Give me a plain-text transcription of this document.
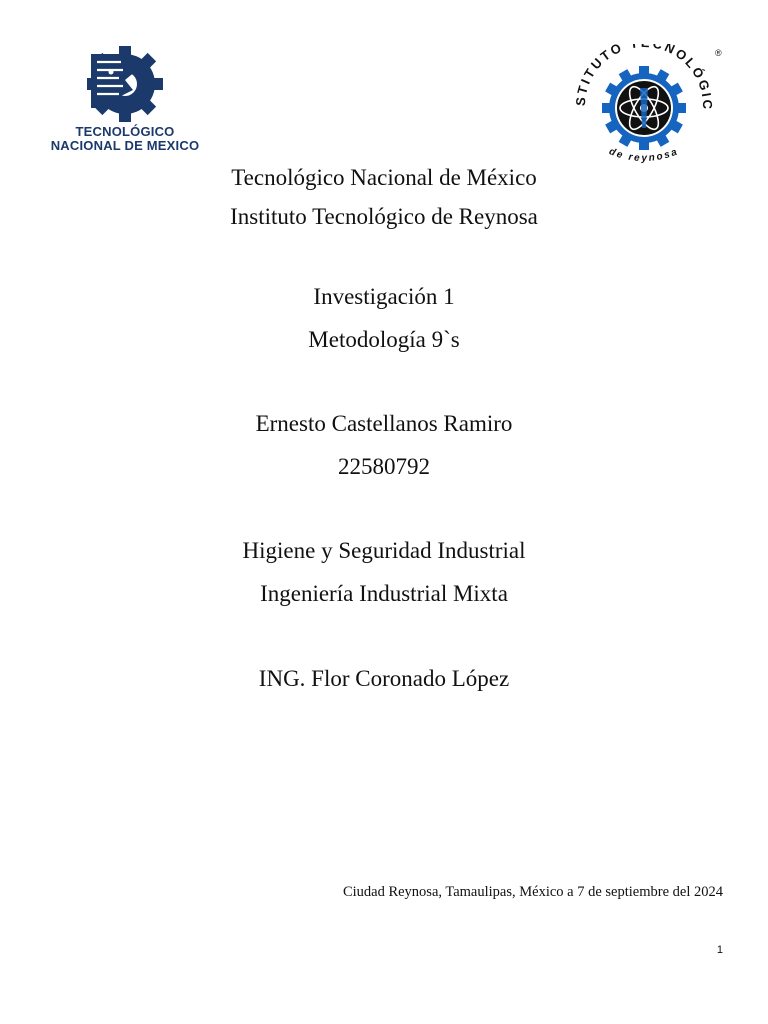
TECNOLÓGICO
NACIONAL DE MEXICO
STITUTO CNOLÓGIC
®
de reynosa
Tecnológico Nacional de México
Instituto Tecnológico de Reynosa
Investigación 1
Metodología 9`s
Ernesto Castellanos Ramiro
22580792
Higiene y Seguridad Industrial
Ingeniería Industrial Mixta
ING. Flor Coronado López
Ciudad Reynosa, Tamaulipas, México a 7 de septiembre del 2024
1
